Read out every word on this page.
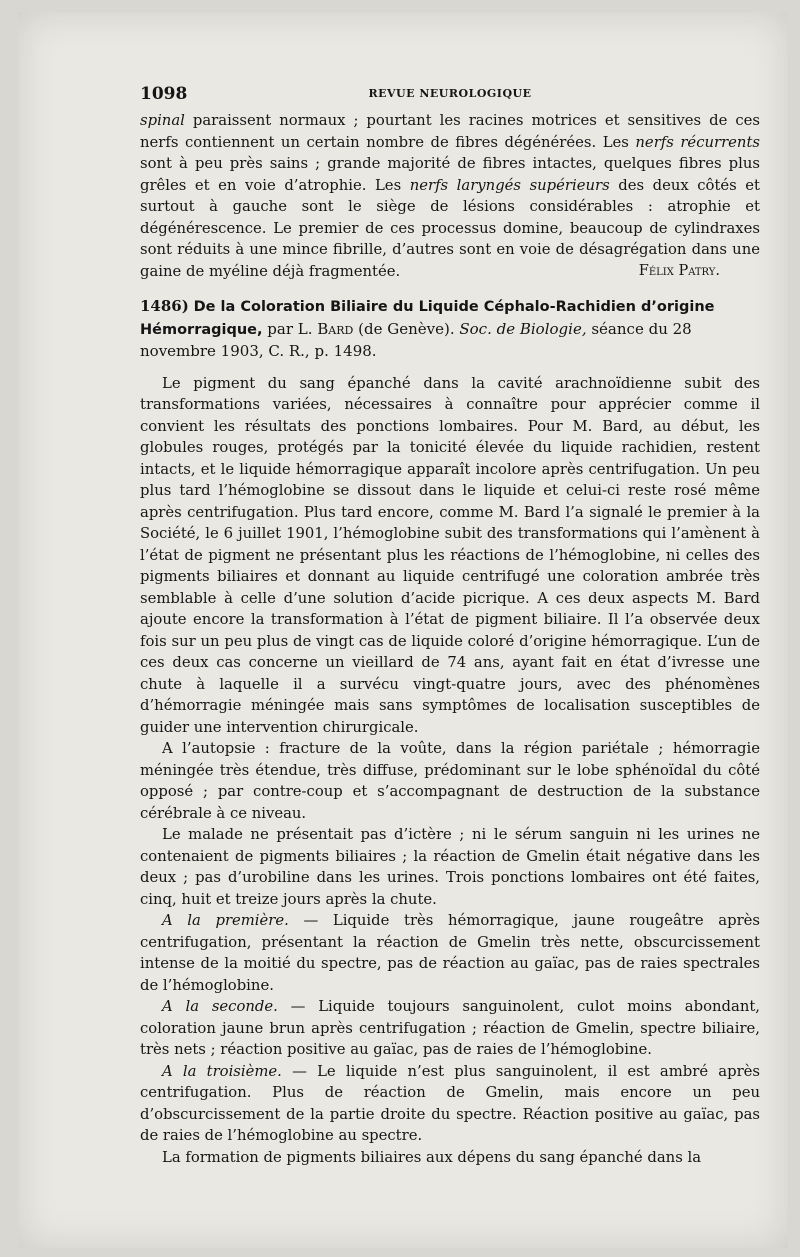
1098	REVUE NEUROLOGIQUE

spinal paraissent normaux ; pourtant les racines motrices et sensitives de ces nerfs contiennent un certain nombre de fibres dégénérées. Les nerfs récurrents sont à peu près sains ; grande majorité de fibres intactes, quelques fibres plus grêles et en voie d’atrophie. Les nerfs laryngés supérieurs des deux côtés et surtout à gauche sont le siège de lésions considérables : atrophie et dégénérescence. Le premier de ces processus domine, beaucoup de cylindraxes sont réduits à une mince fibrille, d’autres sont en voie de désagrégation dans une gaine de myéline déjà fragmentée.	Félix Patry.

1486) De la Coloration Biliaire du Liquide Céphalo-Rachidien d’origine Hémorragique, par L. Bard (de Genève). Soc. de Biologie, séance du 28 novembre 1903, C. R., p. 1498.

Le pigment du sang épanché dans la cavité arachnoïdienne subit des transformations variées, nécessaires à connaître pour apprécier comme il convient les résultats des ponctions lombaires. Pour M. Bard, au début, les globules rouges, protégés par la tonicité élevée du liquide rachidien, restent intacts, et le liquide hémorragique apparaît incolore après centrifugation. Un peu plus tard l’hémoglobine se dissout dans le liquide et celui-ci reste rosé même après centrifugation. Plus tard encore, comme M. Bard l’a signalé le premier à la Société, le 6 juillet 1901, l’hémoglobine subit des transformations qui l’amènent à l’état de pigment ne présentant plus les réactions de l’hémoglobine, ni celles des pigments biliaires et donnant au liquide centrifugé une coloration ambrée très semblable à celle d’une solution d’acide picrique. A ces deux aspects M. Bard ajoute encore la transformation à l’état de pigment biliaire. Il l’a observée deux fois sur un peu plus de vingt cas de liquide coloré d’origine hémorragique. L’un de ces deux cas concerne un vieillard de 74 ans, ayant fait en état d’ivresse une chute à laquelle il a survécu vingt-quatre jours, avec des phénomènes d’hémorragie méningée mais sans symptômes de localisation susceptibles de guider une intervention chirurgicale.

A l’autopsie : fracture de la voûte, dans la région pariétale ; hémorragie méningée très étendue, très diffuse, prédominant sur le lobe sphénoïdal du côté opposé ; par contre-coup et s’accompagnant de destruction de la substance cérébrale à ce niveau.

Le malade ne présentait pas d’ictère ; ni le sérum sanguin ni les urines ne contenaient de pigments biliaires ; la réaction de Gmelin était négative dans les deux ; pas d’urobiline dans les urines. Trois ponctions lombaires ont été faites, cinq, huit et treize jours après la chute.

A la première. — Liquide très hémorragique, jaune rougeâtre après centrifugation, présentant la réaction de Gmelin très nette, obscurcissement intense de la moitié du spectre, pas de réaction au gaïac, pas de raies spectrales de l’hémoglobine.

A la seconde. — Liquide toujours sanguinolent, culot moins abondant, coloration jaune brun après centrifugation ; réaction de Gmelin, spectre biliaire, très nets ; réaction positive au gaïac, pas de raies de l’hémoglobine.

A la troisième. — Le liquide n’est plus sanguinolent, il est ambré après centrifugation. Plus de réaction de Gmelin, mais encore un peu d’obscurcissement de la partie droite du spectre. Réaction positive au gaïac, pas de raies de l’hémoglobine au spectre.

La formation de pigments biliaires aux dépens du sang épanché dans la
